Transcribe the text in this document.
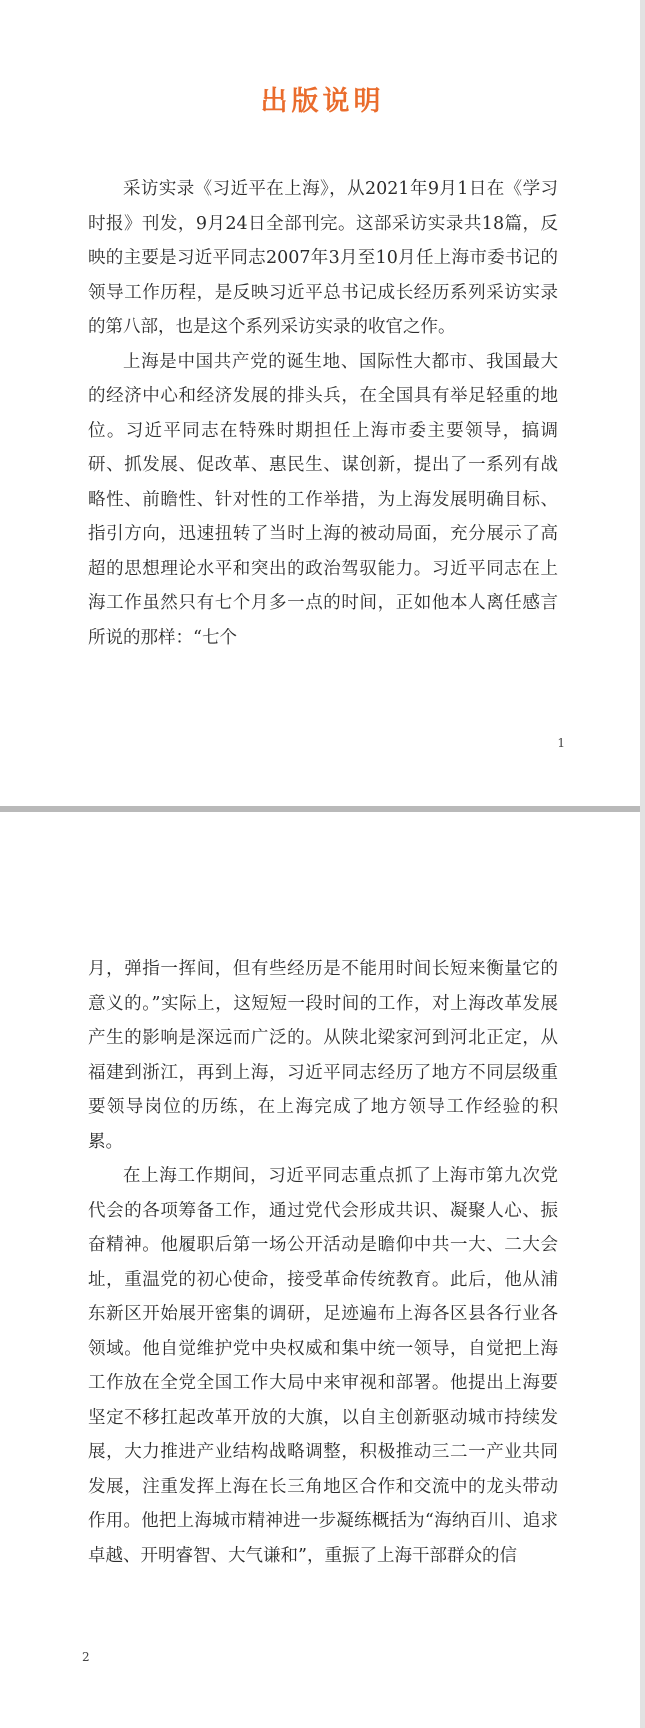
出版说明

采访实录《习近平在上海》，从2021年9月1日在《学习时报》刊发，9月24日全部刊完。这部采访实录共18篇，反映的主要是习近平同志2007年3月至10月任上海市委书记的领导工作历程，是反映习近平总书记成长经历系列采访实录的第八部，也是这个系列采访实录的收官之作。

上海是中国共产党的诞生地、国际性大都市、我国最大的经济中心和经济发展的排头兵，在全国具有举足轻重的地位。习近平同志在特殊时期担任上海市委主要领导，搞调研、抓发展、促改革、惠民生、谋创新，提出了一系列有战略性、前瞻性、针对性的工作举措，为上海发展明确目标、指引方向，迅速扭转了当时上海的被动局面，充分展示了高超的思想理论水平和突出的政治驾驭能力。习近平同志在上海工作虽然只有七个月多一点的时间，正如他本人离任感言所说的那样：“七个

1

月，弹指一挥间，但有些经历是不能用时间长短来衡量它的意义的。”实际上，这短短一段时间的工作，对上海改革发展产生的影响是深远而广泛的。从陕北梁家河到河北正定，从福建到浙江，再到上海，习近平同志经历了地方不同层级重要领导岗位的历练，在上海完成了地方领导工作经验的积累。

在上海工作期间，习近平同志重点抓了上海市第九次党代会的各项筹备工作，通过党代会形成共识、凝聚人心、振奋精神。他履职后第一场公开活动是瞻仰中共一大、二大会址，重温党的初心使命，接受革命传统教育。此后，他从浦东新区开始展开密集的调研，足迹遍布上海各区县各行业各领域。他自觉维护党中央权威和集中统一领导，自觉把上海工作放在全党全国工作大局中来审视和部署。他提出上海要坚定不移扛起改革开放的大旗，以自主创新驱动城市持续发展，大力推进产业结构战略调整，积极推动三二一产业共同发展，注重发挥上海在长三角地区合作和交流中的龙头带动作用。他把上海城市精神进一步凝练概括为“海纳百川、追求卓越、开明睿智、大气谦和”，重振了上海干部群众的信

2
